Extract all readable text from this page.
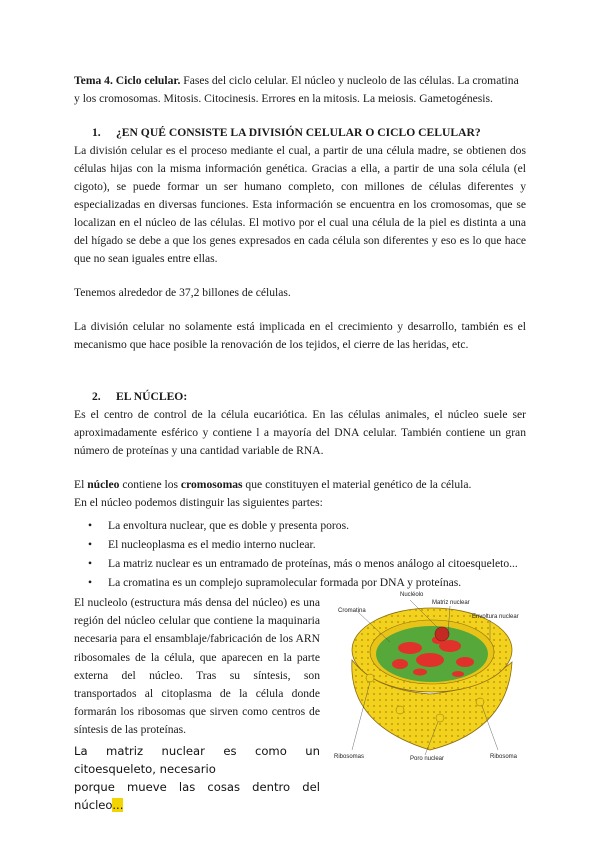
Tema 4. Ciclo celular. Fases del ciclo celular. El núcleo y nucleolo de las células. La cromatina y los cromosomas. Mitosis. Citocinesis. Errores en la mitosis. La meiosis. Gametogénesis.

1. ¿EN QUÉ CONSISTE LA DIVISIÓN CELULAR O CICLO CELULAR?

La división celular es el proceso mediante el cual, a partir de una célula madre, se obtienen dos células hijas con la misma información genética. Gracias a ella, a partir de una sola célula (el cigoto), se puede formar un ser humano completo, con millones de células diferentes y especializadas en diversas funciones. Esta información se encuentra en los cromosomas, que se localizan en el núcleo de las células. El motivo por el cual una célula de la piel es distinta a una del hígado se debe a que los genes expresados en cada célula son diferentes y eso es lo que hace que no sean iguales entre ellas.

Tenemos alrededor de 37,2 billones de células.

La división celular no solamente está implicada en el crecimiento y desarrollo, también es el mecanismo que hace posible la renovación de los tejidos, el cierre de las heridas, etc.

2. EL NÚCLEO:

Es el centro de control de la célula eucariótica. En las células animales, el núcleo suele ser aproximadamente esférico y contiene l a mayoría del DNA celular. También contiene un gran número de proteínas y una cantidad variable de RNA.

El núcleo contiene los cromosomas que constituyen el material genético de la célula.

En el núcleo podemos distinguir las siguientes partes:

• La envoltura nuclear, que es doble y presenta poros.
• El nucleoplasma es el medio interno nuclear.
• La matriz nuclear es un entramado de proteínas, más o menos análogo al citoesqueleto...
• La cromatina es un complejo supramolecular formada por DNA y proteínas.

El nucleolo (estructura más densa del núcleo) es una región del núcleo celular que contiene la maquinaria necesaria para el ensamblaje/fabricación de los ARN ribosomales de la célula, que aparecen en la parte externa del núcleo. Tras su síntesis, son transportados al citoplasma de la célula donde formarán los ribosomas que sirven como centros de síntesis de las proteínas.

La matriz nuclear es como un citoesqueleto, necesario

porque mueve las cosas dentro del núcleo...

Nucléolo
Matriz nuclear
Cromatina
Envoltura nuclear
Ribosomas	Poro nuclear	Ribosoma
